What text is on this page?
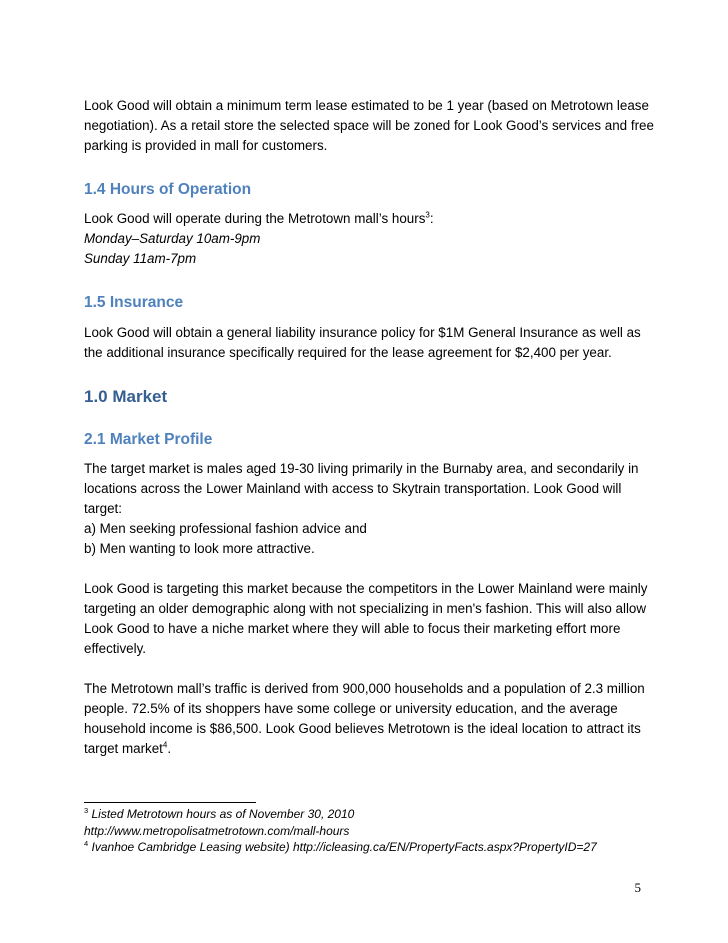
Look Good will obtain a minimum term lease estimated to be 1 year (based on Metrotown lease

negotiation). As a retail store the selected space will be zoned for Look Good’s services and free

parking is provided in mall for customers.

1.4 Hours of Operation

Look Good will operate during the Metrotown mall’s hours$^3$:

Monday–Saturday 10am-9pm

Sunday 11am-7pm

1.5 Insurance

Look Good will obtain a general liability insurance policy for $1M General Insurance as well as

the additional insurance specifically required for the lease agreement for $2,400 per year.

1.0 Market
2.1 Market Profile

The target market is males aged 19-30 living primarily in the Burnaby area, and secondarily in

locations across the Lower Mainland with access to Skytrain transportation. Look Good will

target:

a) Men seeking professional fashion advice and

b) Men wanting to look more attractive.

Look Good is targeting this market because the competitors in the Lower Mainland were mainly

targeting an older demographic along with not specializing in men's fashion. This will also allow

Look Good to have a niche market where they will able to focus their marketing effort more

effectively.

The Metrotown mall’s traffic is derived from 900,000 households and a population of 2.3 million

people. 72.5% of its shoppers have some college or university education, and the average

household income is $86,500. Look Good believes Metrotown is the ideal location to attract its

target market$^4$.

$^3$ Listed Metrotown hours as of November 30, 2010
http://www.metropolisatmetrotown.com/mall-hours
$^4$ Ivanhoe Cambridge Leasing website) http://icleasing.ca/EN/PropertyFacts.aspx?PropertyID=27
5
